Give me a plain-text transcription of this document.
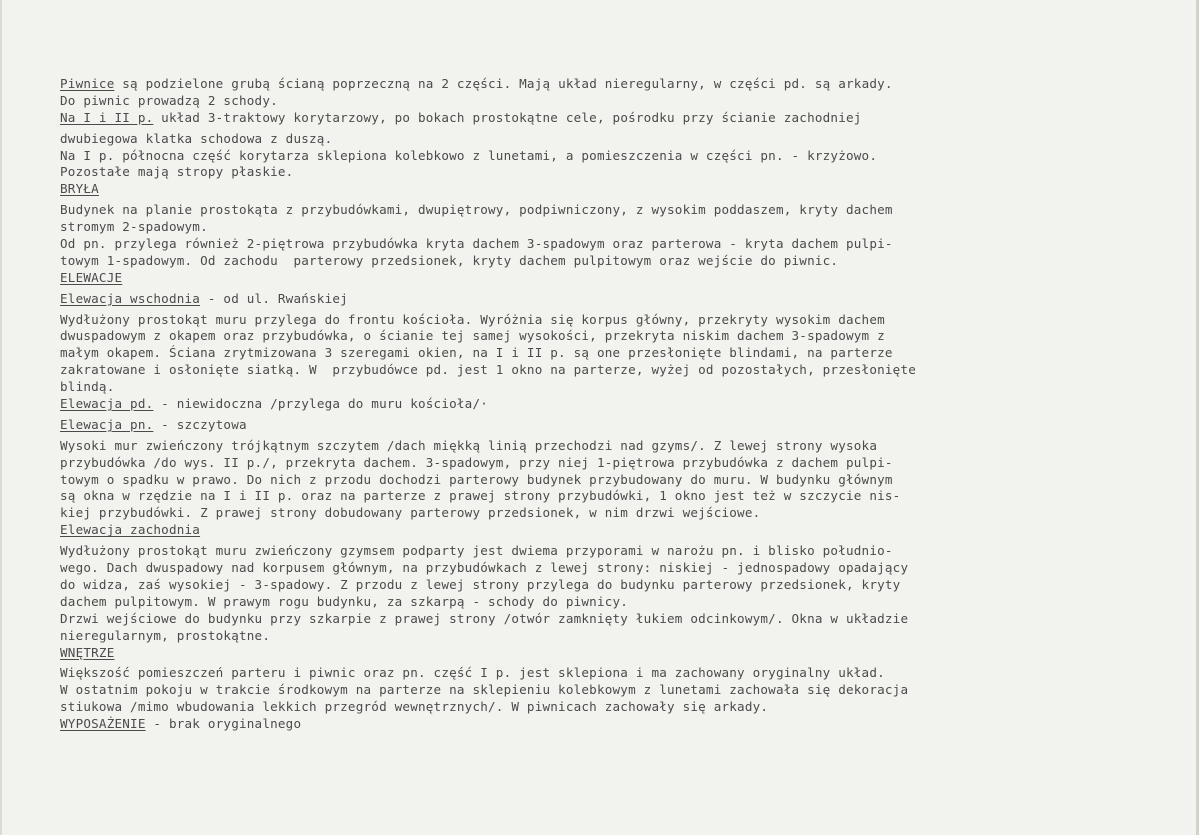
Piwnice są podzielone grubą ścianą poprzeczną na 2 części. Mają układ nieregularny, w części pd. są arkady.
Do piwnic prowadzą 2 schody.
Na I i II p. układ 3-traktowy korytarzowy, po bokach prostokątne cele, pośrodku przy ścianie zachodniej
dwubiegowa klatka schodowa z duszą.
Na I p. północna część korytarza sklepiona kolebkowo z lunetami, a pomieszczenia w części pn. - krzyżowo.
Pozostałe mają stropy płaskie.
BRYŁA
Budynek na planie prostokąta z przybudówkami, dwupiętrowy, podpiwniczony, z wysokim poddaszem, kryty dachem
stromym 2-spadowym.
Od pn. przylega również 2-piętrowa przybudówka kryta dachem 3-spadowym oraz parterowa - kryta dachem pulpi-
towym 1-spadowym. Od zachodu  parterowy przedsionek, kryty dachem pulpitowym oraz wejście do piwnic.
ELEWACJE
Elewacja wschodnia - od ul. Rwańskiej
Wydłużony prostokąt muru przylega do frontu kościoła. Wyróżnia się korpus główny, przekryty wysokim dachem
dwuspadowym z okapem oraz przybudówka, o ścianie tej samej wysokości, przekryta niskim dachem 3-spadowym z
małym okapem. Ściana zrytmizowana 3 szeregami okien, na I i II p. są one przesłonięte blindami, na parterze
zakratowane i osłonięte siatką. W  przybudówce pd. jest 1 okno na parterze, wyżej od pozostałych, przesłonięte
blindą.
Elewacja pd. - niewidoczna /przylega do muru kościoła/·
Elewacja pn. - szczytowa
Wysoki mur zwieńczony trójkątnym szczytem /dach miękką linią przechodzi nad gzyms/. Z lewej strony wysoka
przybudówka /do wys. II p./, przekryta dachem. 3-spadowym, przy niej 1-piętrowa przybudówka z dachem pulpi-
towym o spadku w prawo. Do nich z przodu dochodzi parterowy budynek przybudowany do muru. W budynku głównym
są okna w rzędzie na I i II p. oraz na parterze z prawej strony przybudówki, 1 okno jest też w szczycie nis-
kiej przybudówki. Z prawej strony dobudowany parterowy przedsionek, w nim drzwi wejściowe.
Elewacja zachodnia
Wydłużony prostokąt muru zwieńczony gzymsem podparty jest dwiema przyporami w narożu pn. i blisko południo-
wego. Dach dwuspadowy nad korpusem głównym, na przybudówkach z lewej strony: niskiej - jednospadowy opadający
do widza, zaś wysokiej - 3-spadowy. Z przodu z lewej strony przylega do budynku parterowy przedsionek, kryty
dachem pulpitowym. W prawym rogu budynku, za szkarpą - schody do piwnicy.
Drzwi wejściowe do budynku przy szkarpie z prawej strony /otwór zamknięty łukiem odcinkowym/. Okna w układzie
nieregularnym, prostokątne.
WNĘTRZE
Większość pomieszczeń parteru i piwnic oraz pn. część I p. jest sklepiona i ma zachowany oryginalny układ.
W ostatnim pokoju w trakcie środkowym na parterze na sklepieniu kolebkowym z lunetami zachowała się dekoracja
stiukowa /mimo wbudowania lekkich przegród wewnętrznych/. W piwnicach zachowały się arkady.
WYPOSAŻENIE - brak oryginalnego
